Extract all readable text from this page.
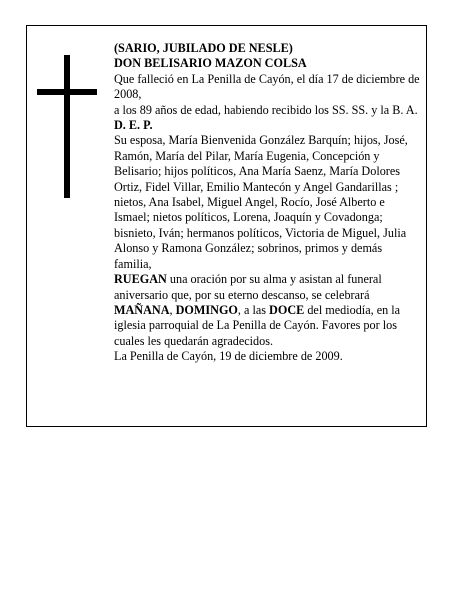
(SARIO, JUBILADO DE NESLE)

DON BELISARIO MAZON COLSA

Que falleció en La Penilla de Cayón, el día 17 de diciembre de 2008,

a los 89 años de edad, habiendo recibido los SS. SS. y la B. A.

D. E. P.

Su esposa, María Bienvenida González Barquín; hijos, José, Ramón, María del Pilar, María Eugenia, Concepción y Belisario; hijos políticos, Ana María Saenz, María Dolores Ortiz, Fidel Villar, Emilio Mantecón y Angel Gandarillas ; nietos, Ana Isabel, Miguel Angel, Rocío, José Alberto e Ismael; nietos políticos, Lorena, Joaquín y Covadonga; bisnieto, Iván; hermanos políticos, Victoria de Miguel, Julia Alonso y Ramona González; sobrinos, primos y demás familia,

RUEGAN una oración por su alma y asistan al funeral aniversario que, por su eterno descanso, se celebrará MAÑANA, DOMINGO, a las DOCE del mediodía, en la iglesia parroquial de La Penilla de Cayón. Favores por los cuales les quedarán agradecidos.

La Penilla de Cayón, 19 de diciembre de 2009.
